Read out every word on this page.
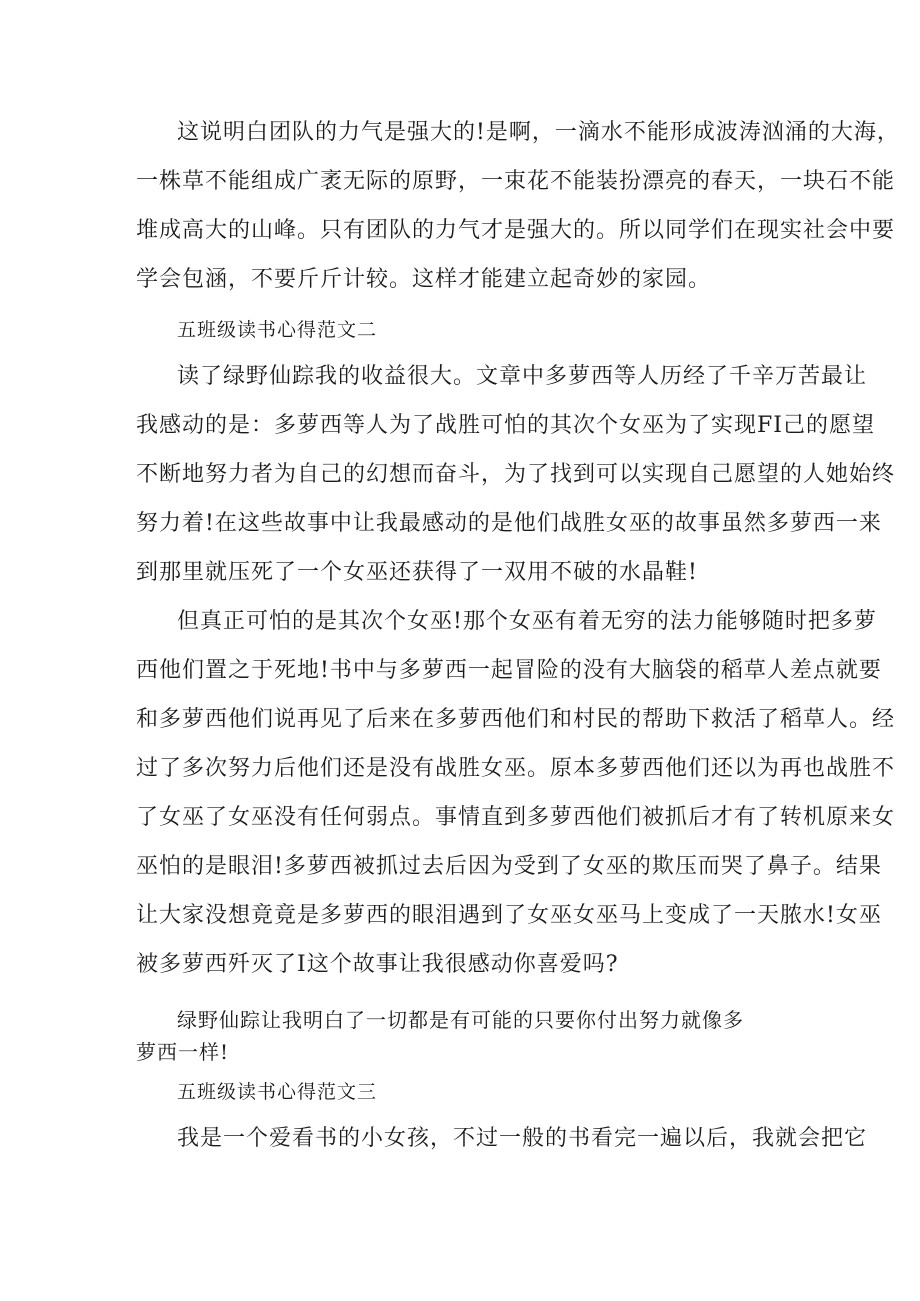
这说明白团队的力气是强大的!是啊，一滴水不能形成波涛汹涌的大海，
一株草不能组成广袤无际的原野，一束花不能装扮漂亮的春天，一块石不能
堆成高大的山峰。只有团队的力气才是强大的。所以同学们在现实社会中要
学会包涵，不要斤斤计较。这样才能建立起奇妙的家园。
五班级读书心得范文二
读了绿野仙踪我的收益很大。文章中多萝西等人历经了千辛万苦最让
我感动的是：多萝西等人为了战胜可怕的其次个女巫为了实现FI己的愿望
不断地努力者为自己的幻想而奋斗，为了找到可以实现自己愿望的人她始终
努力着!在这些故事中让我最感动的是他们战胜女巫的故事虽然多萝西一来
到那里就压死了一个女巫还获得了一双用不破的水晶鞋!
但真正可怕的是其次个女巫!那个女巫有着无穷的法力能够随时把多萝
西他们置之于死地!书中与多萝西一起冒险的没有大脑袋的稻草人差点就要
和多萝西他们说再见了后来在多萝西他们和村民的帮助下救活了稻草人。经
过了多次努力后他们还是没有战胜女巫。原本多萝西他们还以为再也战胜不
了女巫了女巫没有任何弱点。事情直到多萝西他们被抓后才有了转机原来女
巫怕的是眼泪!多萝西被抓过去后因为受到了女巫的欺压而哭了鼻子。结果
让大家没想竟竟是多萝西的眼泪遇到了女巫女巫马上变成了一天脓水!女巫
被多萝西歼灭了I这个故事让我很感动你喜爱吗?
绿野仙踪让我明白了一切都是有可能的只要你付出努力就像多
萝西一样!
五班级读书心得范文三
我是一个爱看书的小女孩，不过一般的书看完一遍以后，我就会把它
